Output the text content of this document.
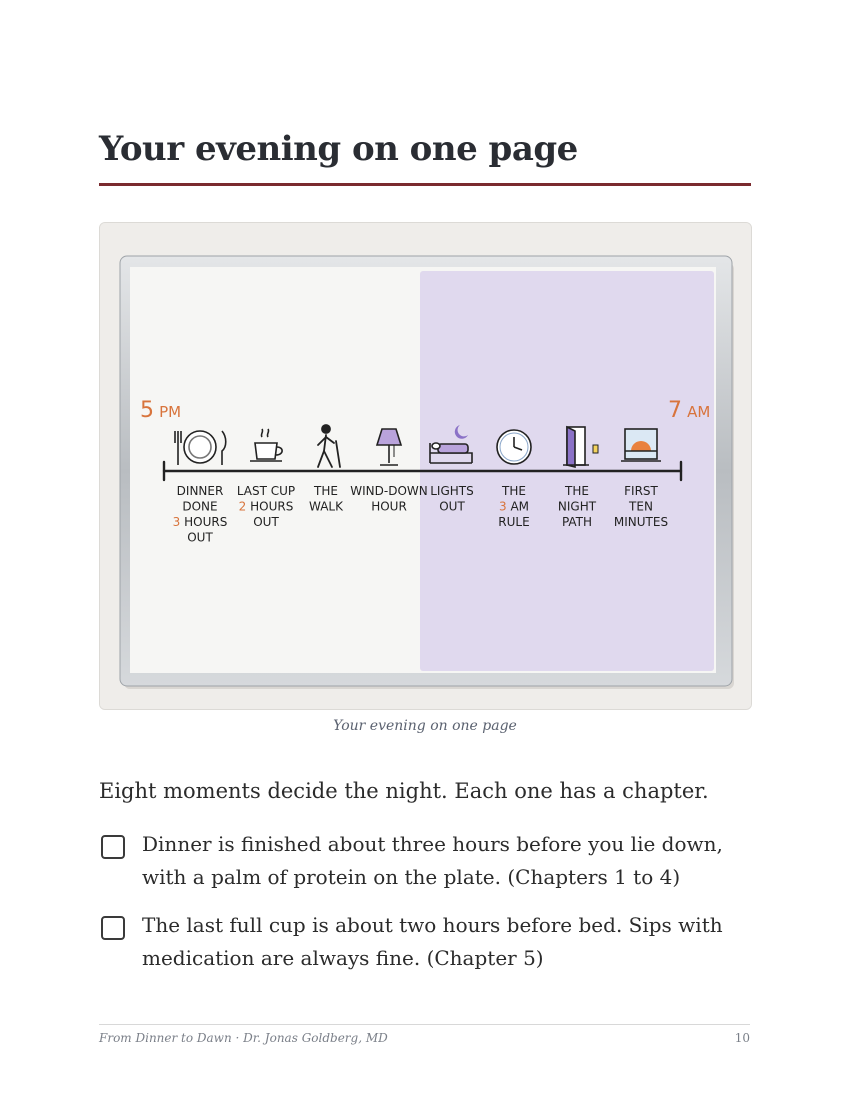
Your evening on one page
5 PM	7 AM
DINNER DONE 3 HOURS OUT
LAST CUP 2 HOURS OUT
THE WALK
WIND-DOWN HOUR
LIGHTS OUT
THE 3 AM RULE
THE NIGHT PATH
FIRST TEN MINUTES
Your evening on one page

Eight moments decide the night. Each one has a chapter.

Dinner is finished about three hours before you lie down, with a palm of protein on the plate. (Chapters 1 to 4)
The last full cup is about two hours before bed. Sips with medication are always fine. (Chapter 5)
From Dinner to Dawn · Dr. Jonas Goldberg, MD	10
